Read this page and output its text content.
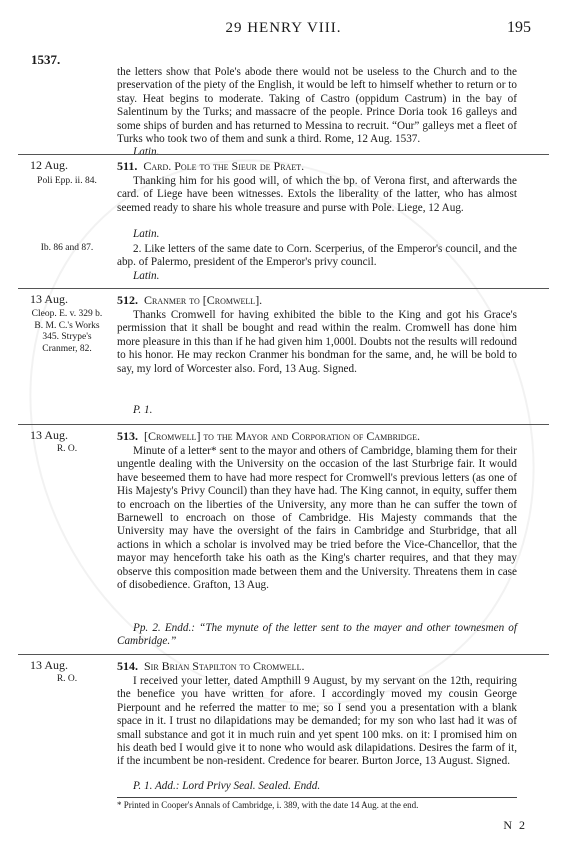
29 HENRY VIII.	195
1537.
the letters show that Pole's abode there would not be useless to the Church and to the preservation of the piety of the English, it would be left to himself whether to return or to stay. Heat begins to moderate. Taking of Castro (oppidum Castrum) in the bay of Salentinum by the Turks; and massacre of the people. Prince Doria took 16 galleys and some ships of burden and has returned to Messina to recruit. “Our” galleys met a fleet of Turks who took two of them and sunk a third. Rome, 12 Aug. 1537.
Latin.
12 Aug.
Poli Epp. ii. 84.
511. Card. Pole to the Sieur de Praet.
Thanking him for his good will, of which the bp. of Verona first, and afterwards the card. of Liege have been witnesses. Extols the liberality of the latter, who has almost seemed ready to share his whole treasure and purse with Pole. Liege, 12 Aug.
Latin.
Ib. 86 and 87.	2. Like letters of the same date to Corn. Scerperius, of the Emperor's council, and the abp. of Palermo, president of the Emperor's privy council.
Latin.
13 Aug.
Cleop. E. v. 329 b. B. M. C.'s Works 345. Strype's Cranmer, 82.
512. Cranmer to [Cromwell].
Thanks Cromwell for having exhibited the bible to the King and got his Grace's permission that it shall be bought and read within the realm. Cromwell has done him more pleasure in this than if he had given him 1,000l. Doubts not the results will redound to his honor. He may reckon Cranmer his bondman for the same, and, he will be bold to say, my lord of Worcester also. Ford, 13 Aug. Signed.
P. 1.
13 Aug.
R. O.
513. [Cromwell] to the Mayor and Corporation of Cambridge.
Minute of a letter* sent to the mayor and others of Cambridge, blaming them for their ungentle dealing with the University on the occasion of the last Sturbrige fair. It would have beseemed them to have had more respect for Cromwell's previous letters (as one of His Majesty's Privy Council) than they have had. The King cannot, in equity, suffer them to encroach on the liberties of the University, any more than he can suffer the town of Barnewell to encroach on those of Cambridge. His Majesty commands that the University may have the oversight of the fairs in Cambridge and Sturbridge, that all actions in which a scholar is involved may be tried before the Vice-Chancellor, that the mayor may henceforth take his oath as the King's charter requires, and that they may observe this composition made between them and the University. Threatens them in case of disobedience. Grafton, 13 Aug.
Pp. 2. Endd.: “The mynute of the letter sent to the mayer and other townesmen of Cambridge.”
13 Aug.
R. O.
514. Sir Brian Stapilton to Cromwell.
I received your letter, dated Ampthill 9 August, by my servant on the 12th, requiring the benefice you have written for afore. I accordingly moved my cousin George Pierpount and he referred the matter to me; so I send you a presentation with a blank space in it. I trust no dilapidations may be demanded; for my son who last had it was of small substance and got it in much ruin and yet spent 100 mks. on it: I promised him on his death bed I would give it to none who would ask dilapidations. Desires the farm of it, if the incumbent be non-resident. Credence for bearer. Burton Jorce, 13 August. Signed.
P. 1. Add.: Lord Privy Seal. Sealed. Endd.
* Printed in Cooper's Annals of Cambridge, i. 389, with the date 14 Aug. at the end.
N 2
